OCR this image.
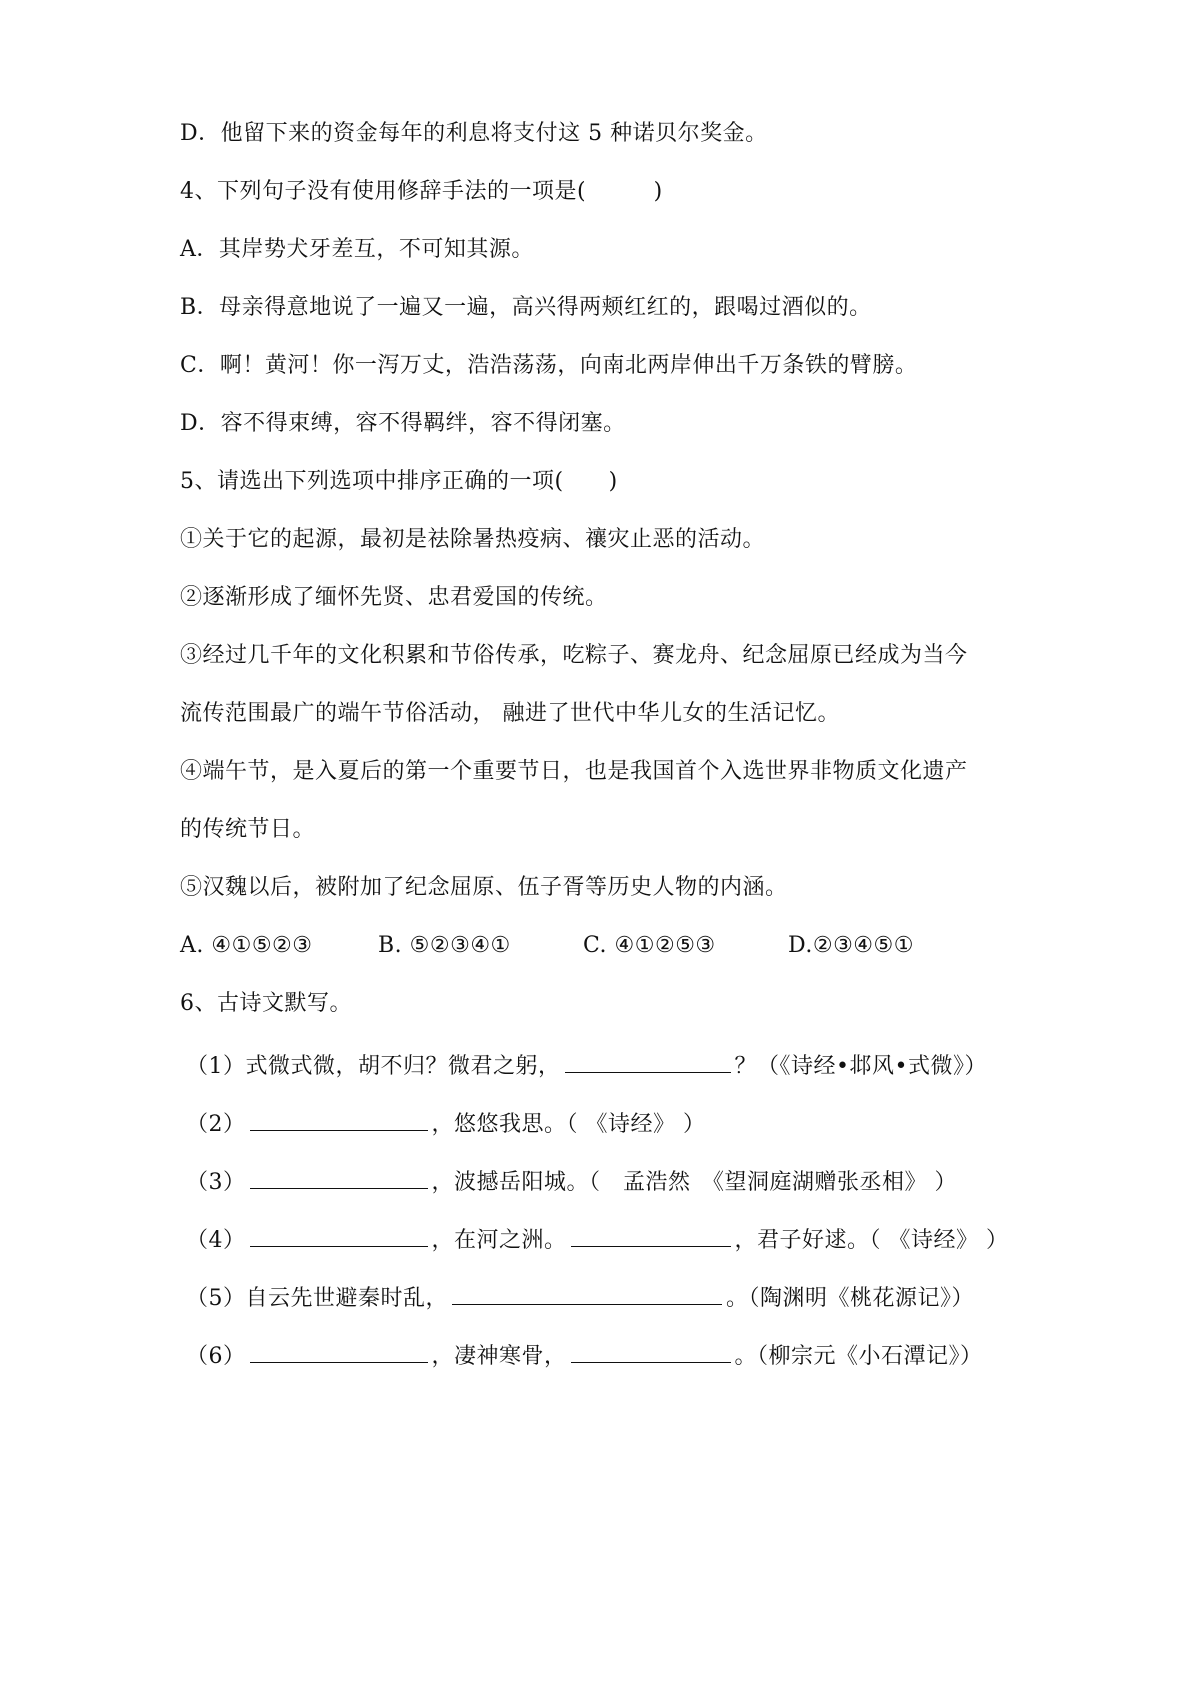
D．他留下来的资金每年的利息将支付这 5 种诺贝尔奖金。
4、下列句子没有使用修辞手法的一项是(　　　)
A．其岸势犬牙差互，不可知其源。
B．母亲得意地说了一遍又一遍，高兴得两颊红红的，跟喝过酒似的。
C．啊！黄河！你一泻万丈，浩浩荡荡，向南北两岸伸出千万条铁的臂膀。
D．容不得束缚，容不得羁绊，容不得闭塞。
5、请选出下列选项中排序正确的一项(　　)
①关于它的起源，最初是祛除暑热疫病、禳灾止恶的活动。
②逐渐形成了缅怀先贤、忠君爱国的传统。
③经过几千年的文化积累和节俗传承，吃粽子、赛龙舟、纪念屈原已经成为当今
流传范围最广的端午节俗活动， 融进了世代中华儿女的生活记忆。
④端午节，是入夏后的第一个重要节日，也是我国首个入选世界非物质文化遗产
的传统节日。
⑤汉魏以后，被附加了纪念屈原、伍子胥等历史人物的内涵。
A. ④①⑤②③	B. ⑤②③④①	C. ④①②⑤③	D.②③④⑤①
6、古诗文默写。
（1）式微式微，胡不归？微君之躬，	？（《诗经•邶风•式微》）
（2）	，悠悠我思。（ 《诗经》 ）
（3）	，波撼岳阳城。（　孟浩然　《望洞庭湖赠张丞相》 ）
（4）	，在河之洲。	，君子好逑。（ 《诗经》 ）
（5）自云先世避秦时乱，	。（陶渊明《桃花源记》）
（6）	，凄神寒骨，	。（柳宗元《小石潭记》）
